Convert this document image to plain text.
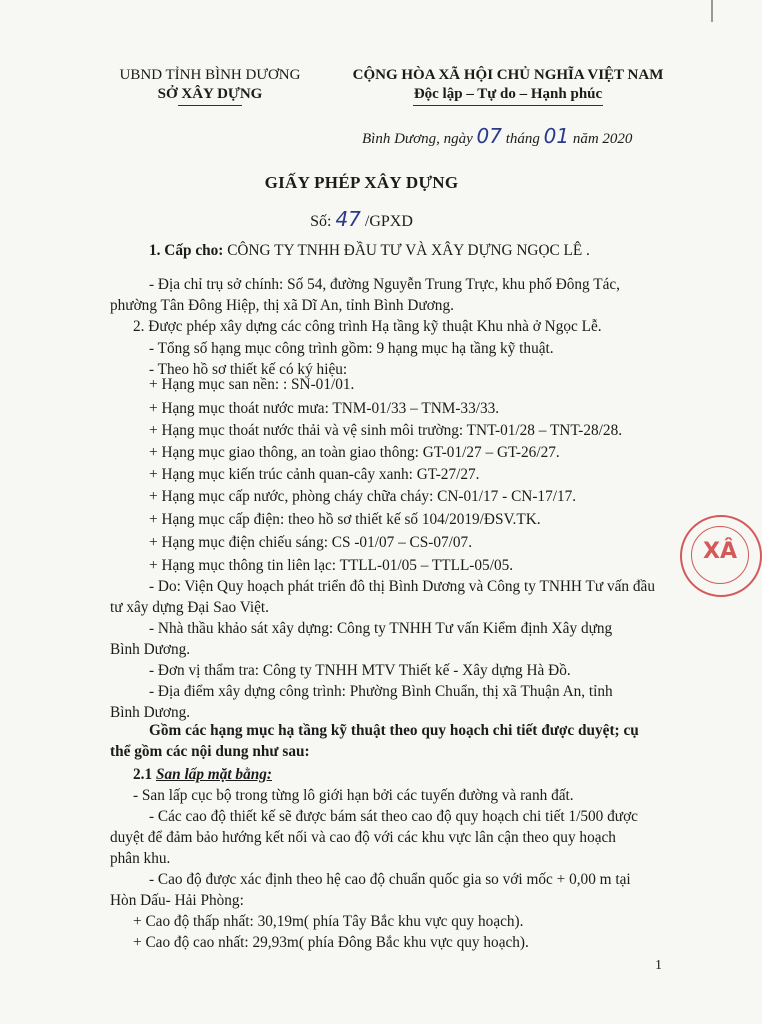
UBND TỈNH BÌNH DƯƠNG
SỞ XÂY DỰNG
CỘNG HÒA XÃ HỘI CHỦ NGHĨA VIỆT NAM
Độc lập – Tự do – Hạnh phúc
Bình Dương, ngày 07 tháng 01 năm 2020
GIẤY PHÉP XÂY DỰNG
Số: 47 /GPXD
1. Cấp cho: CÔNG TY TNHH ĐẦU TƯ VÀ XÂY DỰNG NGỌC LÊ .
- Địa chỉ trụ sở chính: Số 54, đường Nguyễn Trung Trực, khu phố Đông Tác,
phường Tân Đông Hiệp, thị xã Dĩ An, tỉnh Bình Dương.
2. Được phép xây dựng các công trình Hạ tầng kỹ thuật Khu nhà ở Ngọc Lễ.
- Tổng số hạng mục công trình gồm: 9 hạng mục hạ tầng kỹ thuật.
- Theo hồ sơ thiết kế có ký hiệu:
+ Hạng mục san nền: : SN-01/01.
+ Hạng mục thoát nước mưa: TNM-01/33 – TNM-33/33.
+ Hạng mục thoát nước thải và vệ sinh môi trường: TNT-01/28 – TNT-28/28.
+ Hạng mục giao thông, an toàn giao thông: GT-01/27 – GT-26/27.
+ Hạng mục kiến trúc cảnh quan-cây xanh: GT-27/27.
+ Hạng mục cấp nước, phòng cháy chữa cháy: CN-01/17 - CN-17/17.
+ Hạng mục cấp điện: theo hồ sơ thiết kế số 104/2019/ĐSV.TK.
+ Hạng mục điện chiếu sáng: CS -01/07 – CS-07/07.
+ Hạng mục thông tin liên lạc: TTLL-01/05 – TTLL-05/05.
- Do: Viện Quy hoạch phát triển đô thị Bình Dương và Công ty TNHH Tư vấn đầu
tư xây dựng Đại Sao Việt.
- Nhà thầu khảo sát xây dựng: Công ty TNHH Tư vấn Kiểm định Xây dựng
Bình Dương.
- Đơn vị thẩm tra: Công ty TNHH MTV Thiết kế - Xây dựng Hà Đồ.
- Địa điểm xây dựng công trình: Phường Bình Chuẩn, thị xã Thuận An, tỉnh
Bình Dương.
Gồm các hạng mục hạ tầng kỹ thuật theo quy hoạch chi tiết được duyệt; cụ
thể gồm các nội dung như sau:
2.1 San lấp mặt bằng:
- San lấp cục bộ trong từng lô giới hạn bởi các tuyến đường và ranh đất.
- Các cao độ thiết kế sẽ được bám sát theo cao độ quy hoạch chi tiết 1/500 được
duyệt để đảm bảo hướng kết nối và cao độ với các khu vực lân cận theo quy hoạch
phân khu.
- Cao độ được xác định theo hệ cao độ chuẩn quốc gia so với mốc + 0,00 m tại
Hòn Dấu- Hải Phòng:
+ Cao độ thấp nhất: 30,19m( phía Tây Bắc khu vực quy hoạch).
+ Cao độ cao nhất: 29,93m( phía Đông Bắc khu vực quy hoạch).
XÂ
1
